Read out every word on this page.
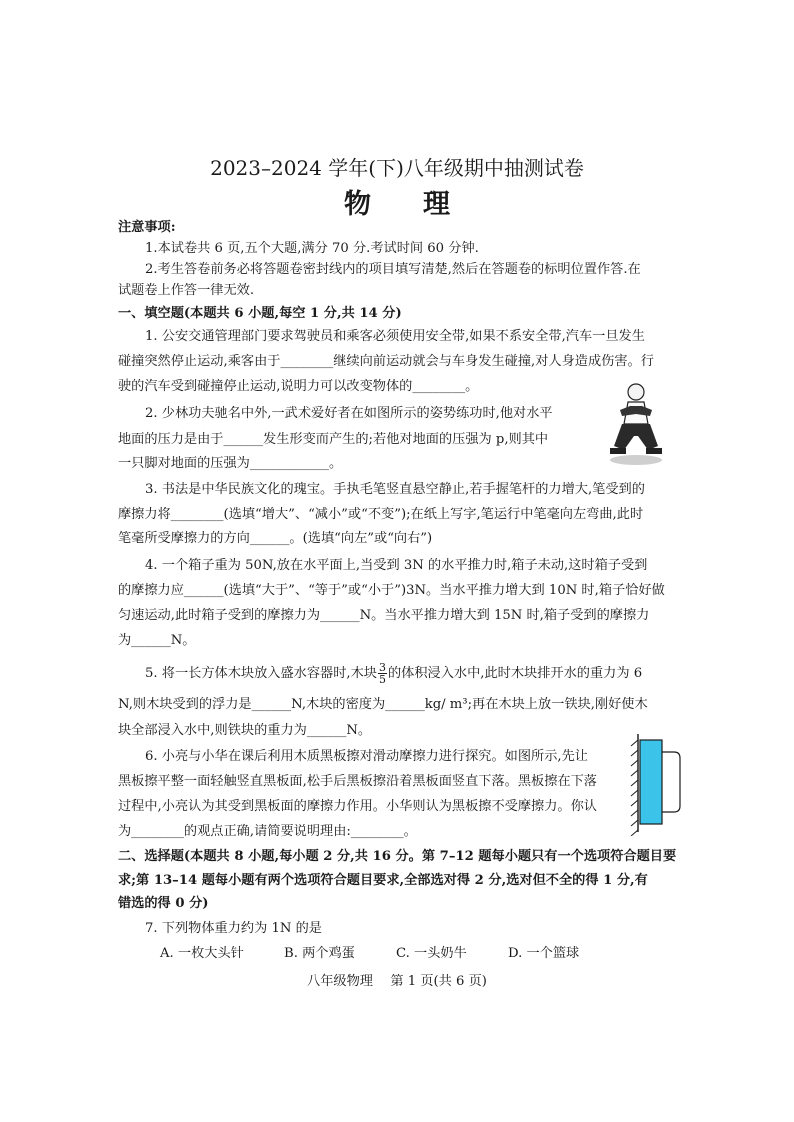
2023–2024 学年(下)八年级期中抽测试卷
物 理
注意事项:
1.本试卷共 6 页,五个大题,满分 70 分.考试时间 60 分钟.
2.考生答卷前务必将答题卷密封线内的项目填写清楚,然后在答题卷的标明位置作答.在
试题卷上作答一律无效.
一、填空题(本题共 6 小题,每空 1 分,共 14 分)
1. 公安交通管理部门要求驾驶员和乘客必须使用安全带,如果不系安全带,汽车一旦发生
碰撞突然停止运动,乘客由于________继续向前运动就会与车身发生碰撞,对人身造成伤害。行
驶的汽车受到碰撞停止运动,说明力可以改变物体的________。
2. 少林功夫驰名中外,一武术爱好者在如图所示的姿势练功时,他对水平
地面的压力是由于______发生形变而产生的;若他对地面的压强为 p,则其中
一只脚对地面的压强为____________。
3. 书法是中华民族文化的瑰宝。手执毛笔竖直悬空静止,若手握笔杆的力增大,笔受到的
摩擦力将________(选填“增大”、“减小”或“不变”);在纸上写字,笔运行中笔毫向左弯曲,此时
笔毫所受摩擦力的方向______。(选填“向左”或“向右”)
4. 一个箱子重为 50N,放在水平面上,当受到 3N 的水平推力时,箱子未动,这时箱子受到
的摩擦力应______(选填“大于”、“等于”或“小于”)3N。当水平推力增大到 10N 时,箱子恰好做
匀速运动,此时箱子受到的摩擦力为______N。当水平推力增大到 15N 时,箱子受到的摩擦力
为______N。
5. 将一长方体木块放入盛水容器时,木块 $\frac{3}{5}$ 的体积浸入水中,此时木块排开水的重力为 6
N,则木块受到的浮力是______N,木块的密度为______kg/ m³;再在木块上放一铁块,刚好使木
块全部浸入水中,则铁块的重力为______N。
6. 小亮与小华在课后利用木质黑板擦对滑动摩擦力进行探究。如图所示,先让
黑板擦平整一面轻触竖直黑板面,松手后黑板擦沿着黑板面竖直下落。黑板擦在下落
过程中,小亮认为其受到黑板面的摩擦力作用。小华则认为黑板擦不受摩擦力。你认
为________的观点正确,请简要说明理由:________。
二、选择题(本题共 8 小题,每小题 2 分,共 16 分。第 7–12 题每小题只有一个选项符合题目要
求;第 13–14 题每小题有两个选项符合题目要求,全部选对得 2 分,选对但不全的得 1 分,有
错选的得 0 分)
7. 下列物体重力约为 1N 的是
A. 一枚大头针	B. 两个鸡蛋	C. 一头奶牛	D. 一个篮球
八年级物理　 第 1 页(共 6 页)
